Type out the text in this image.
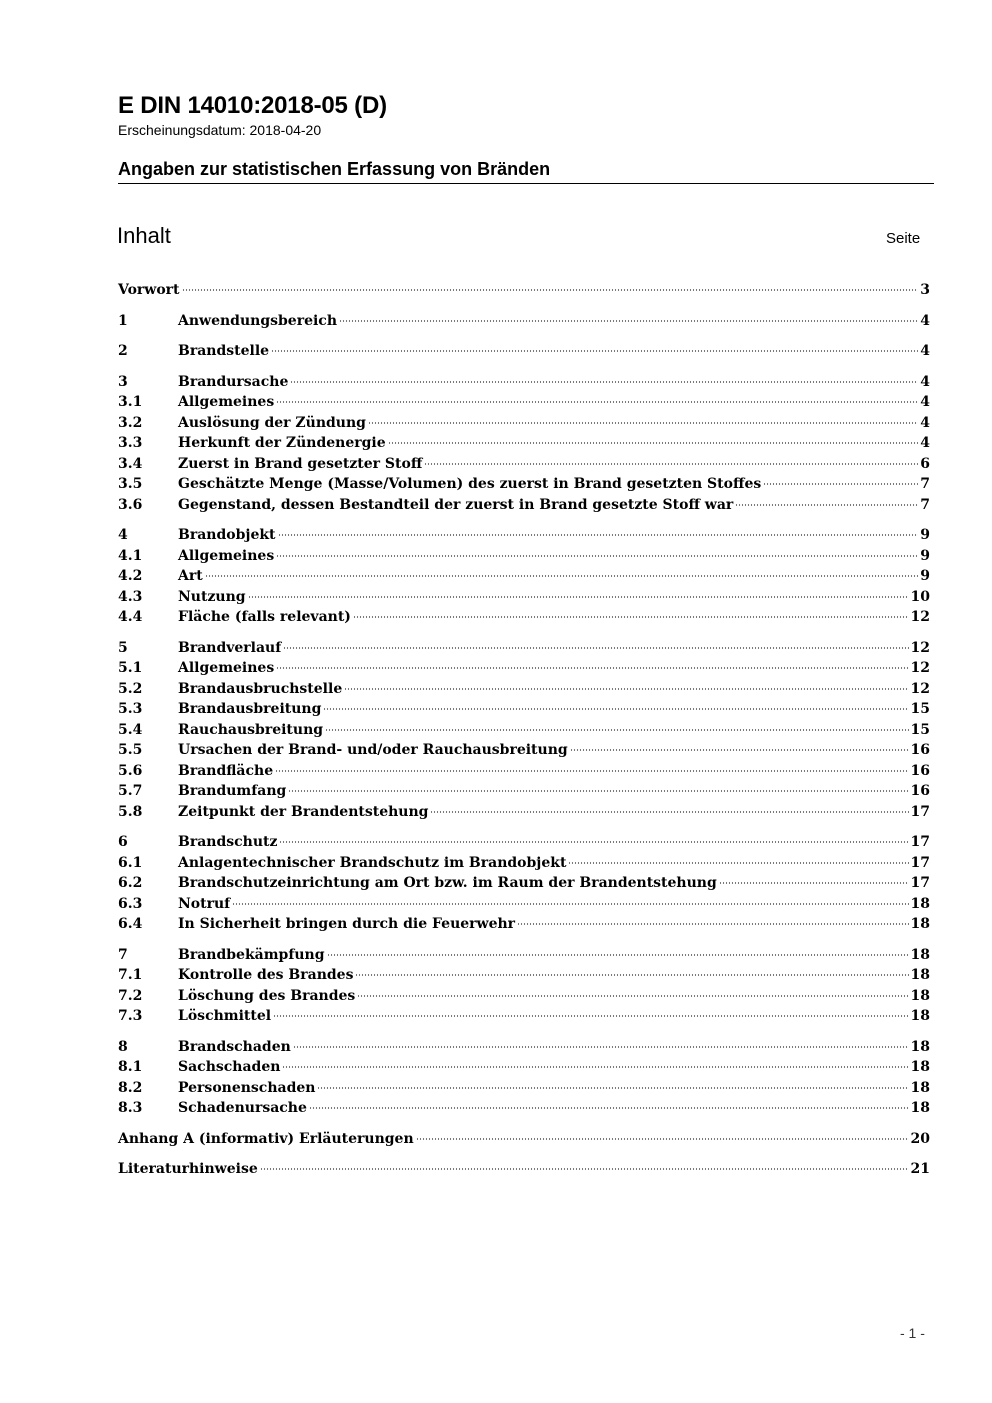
E DIN 14010:2018-05 (D)
Erscheinungsdatum: 2018-04-20
Angaben zur statistischen Erfassung von Bränden
Inhalt	Seite
Vorwort	3
1	Anwendungsbereich	4
2	Brandstelle	4
3	Brandursache	4
3.1	Allgemeines	4
3.2	Auslösung der Zündung	4
3.3	Herkunft der Zündenergie	4
3.4	Zuerst in Brand gesetzter Stoff	6
3.5	Geschätzte Menge (Masse/Volumen) des zuerst in Brand gesetzten Stoffes	7
3.6	Gegenstand, dessen Bestandteil der zuerst in Brand gesetzte Stoff war	7
4	Brandobjekt	9
4.1	Allgemeines	9
4.2	Art	9
4.3	Nutzung	10
4.4	Fläche (falls relevant)	12
5	Brandverlauf	12
5.1	Allgemeines	12
5.2	Brandausbruchstelle	12
5.3	Brandausbreitung	15
5.4	Rauchausbreitung	15
5.5	Ursachen der Brand- und/oder Rauchausbreitung	16
5.6	Brandfläche	16
5.7	Brandumfang	16
5.8	Zeitpunkt der Brandentstehung	17
6	Brandschutz	17
6.1	Anlagentechnischer Brandschutz im Brandobjekt	17
6.2	Brandschutzeinrichtung am Ort bzw. im Raum der Brandentstehung	17
6.3	Notruf	18
6.4	In Sicherheit bringen durch die Feuerwehr	18
7	Brandbekämpfung	18
7.1	Kontrolle des Brandes	18
7.2	Löschung des Brandes	18
7.3	Löschmittel	18
8	Brandschaden	18
8.1	Sachschaden	18
8.2	Personenschaden	18
8.3	Schadenursache	18
Anhang A (informativ) Erläuterungen	20
Literaturhinweise	21
- 1 -
